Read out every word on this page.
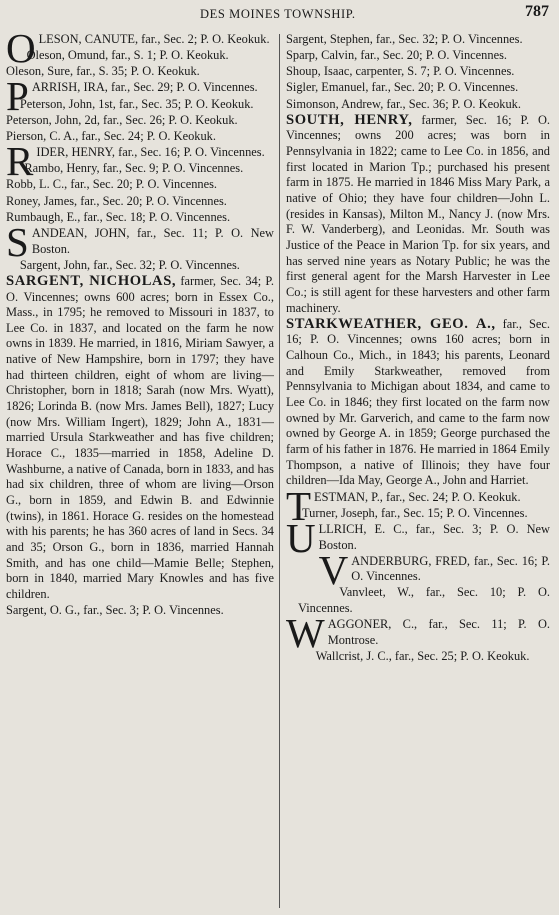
DES MOINES TOWNSHIP.	787
OLESON, CANUTE, far., Sec. 2; P. O. Keokuk.
Oleson, Omund, far., S. 1; P. O. Keokuk.
Oleson, Sure, far., S. 35; P. O. Keokuk.
PARRISH, IRA, far., Sec. 29; P. O. Vincennes.
Peterson, John, 1st, far., Sec. 35; P. O. Keokuk.
Peterson, John, 2d, far., Sec. 26; P. O. Keokuk.
Pierson, C. A., far., Sec. 24; P. O. Keokuk.
RIDER, HENRY, far., Sec. 16; P. O. Vincennes.
Rambo, Henry, far., Sec. 9; P. O. Vincennes.
Robb, L. C., far., Sec. 20; P. O. Vincennes.
Roney, James, far., Sec. 20; P. O. Vincennes.
Rumbaugh, E., far., Sec. 18; P. O. Vincennes.
SANDEAN, JOHN, far., Sec. 11; P. O. New Boston.
Sargent, John, far., Sec. 32; P. O. Vincennes.
SARGENT, NICHOLAS, farmer, Sec. 34; P. O. Vincennes; owns 600 acres; born in Essex Co., Mass., in 1795; he removed to Missouri in 1837, to Lee Co. in 1837, and located on the farm he now owns in 1839. He married, in 1816, Miriam Sawyer, a native of New Hampshire, born in 1797; they have had thirteen children, eight of whom are living—Christopher, born in 1818; Sarah (now Mrs. Wyatt), 1826; Lorinda B. (now Mrs. James Bell), 1827; Lucy (now Mrs. William Ingert), 1829; John A., 1831—married Ursula Starkweather and has five children; Horace C., 1835—married in 1858, Adeline D. Washburne, a native of Canada, born in 1833, and has had six children, three of whom are living—Orson G., born in 1859, and Edwin B. and Edwinnie (twins), in 1861. Horace G. resides on the homestead with his parents; he has 360 acres of land in Secs. 34 and 35; Orson G., born in 1836, married Hannah Smith, and has one child—Mamie Belle; Stephen, born in 1840, married Mary Knowles and has five children.
Sargent, O. G., far., Sec. 3; P. O. Vincennes.
Sargent, Stephen, far., Sec. 32; P. O. Vincennes.
Sparp, Calvin, far., Sec. 20; P. O. Vincennes.
Shoup, Isaac, carpenter, S. 7; P. O. Vincennes.
Sigler, Emanuel, far., Sec. 20; P. O. Vincennes.
Simonson, Andrew, far., Sec. 36; P. O. Keokuk.
SOUTH, HENRY, farmer, Sec. 16; P. O. Vincennes; owns 200 acres; was born in Pennsylvania in 1822; came to Lee Co. in 1856, and first located in Marion Tp.; purchased his present farm in 1875. He married in 1846 Miss Mary Park, a native of Ohio; they have four children—John L. (resides in Kansas), Milton M., Nancy J. (now Mrs. F. W. Vanderberg), and Leonidas. Mr. South was Justice of the Peace in Marion Tp. for six years, and has served nine years as Notary Public; he was the first general agent for the Marsh Harvester in Lee Co.; is still agent for these harvesters and other farm machinery.
STARKWEATHER, GEO. A., far., Sec. 16; P. O. Vincennes; owns 160 acres; born in Calhoun Co., Mich., in 1843; his parents, Leonard and Emily Starkweather, removed from Pennsylvania to Michigan about 1834, and came to Lee Co. in 1846; they first located on the farm now owned by Mr. Garverich, and came to the farm now owned by George A. in 1859; George purchased the farm of his father in 1876. He married in 1864 Emily Thompson, a native of Illinois; they have four children—Ida May, George A., John and Harriet.
TESTMAN, P., far., Sec. 24; P. O. Keokuk.
Turner, Joseph, far., Sec. 15; P. O. Vincennes.
ULLRICH, E. C., far., Sec. 3; P. O. New Boston.
VANDERBURG, FRED, far., Sec. 16; P. O. Vincennes.
Vanvleet, W., far., Sec. 10; P. O. Vincennes.
WAGGONER, C., far., Sec. 11; P. O. Montrose.
Wallcrist, J. C., far., Sec. 25; P. O. Keokuk.
